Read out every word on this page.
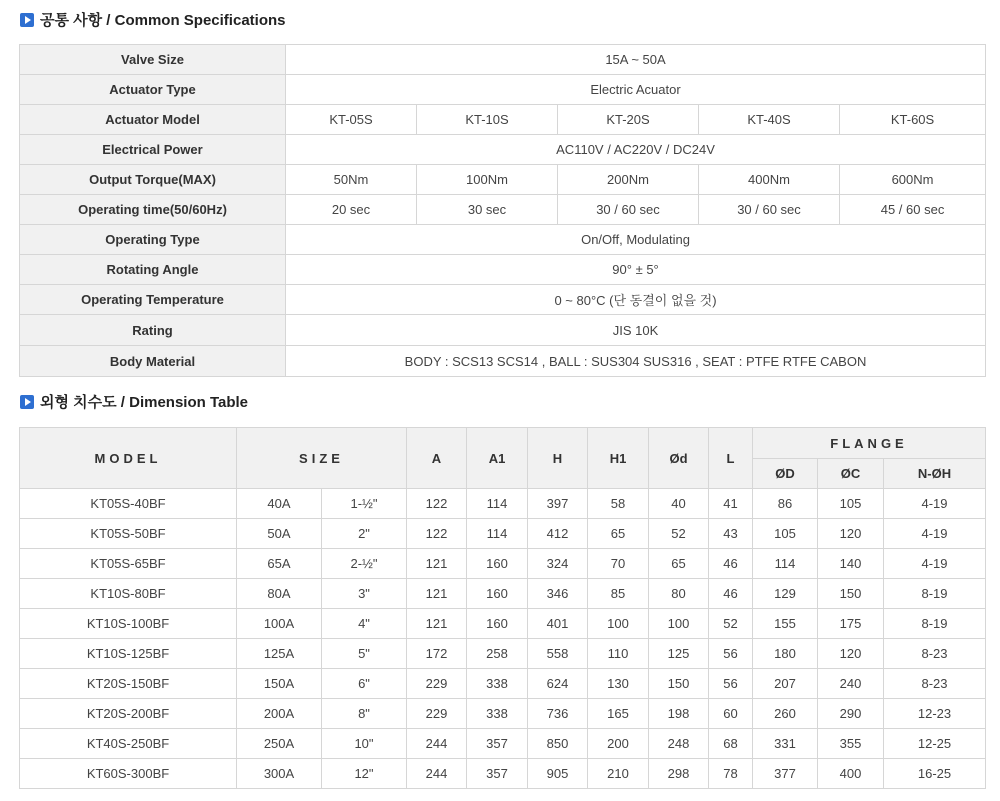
공통 사항 / Common Specifications
Valve Size	15A ~ 50A				
Actuator Type	Electric Acuator				
Actuator Model	KT-05S	KT-10S	KT-20S	KT-40S	KT-60S
Electrical Power	AC110V / AC220V / DC24V				
Output Torque(MAX)	50Nm	100Nm	200Nm	400Nm	600Nm
Operating time(50/60Hz)	20 sec	30 sec	30 / 60 sec	30 / 60 sec	45 / 60 sec
Operating Type	On/Off, Modulating				
Rotating Angle	90° ± 5°				
Operating Temperature	0 ~ 80°C (단 동결이 없을 것)				
Rating	JIS 10K				
Body Material	BODY : SCS13 SCS14 , BALL : SUS304 SUS316 , SEAT : PTFE RTFE CABON				
외형 치수도 / Dimension Table
MODEL	SIZE		A	A1	H	H1	Ød	L	FLANGE		
									ØD	ØC	N-ØH
KT05S-40BF	40A	1-½"	122	114	397	58	40	41	86	105	4-19
KT05S-50BF	50A	2"	122	114	412	65	52	43	105	120	4-19
KT05S-65BF	65A	2-½"	121	160	324	70	65	46	114	140	4-19
KT10S-80BF	80A	3"	121	160	346	85	80	46	129	150	8-19
KT10S-100BF	100A	4"	121	160	401	100	100	52	155	175	8-19
KT10S-125BF	125A	5"	172	258	558	110	125	56	180	120	8-23
KT20S-150BF	150A	6"	229	338	624	130	150	56	207	240	8-23
KT20S-200BF	200A	8"	229	338	736	165	198	60	260	290	12-23
KT40S-250BF	250A	10"	244	357	850	200	248	68	331	355	12-25
KT60S-300BF	300A	12"	244	357	905	210	298	78	377	400	16-25
